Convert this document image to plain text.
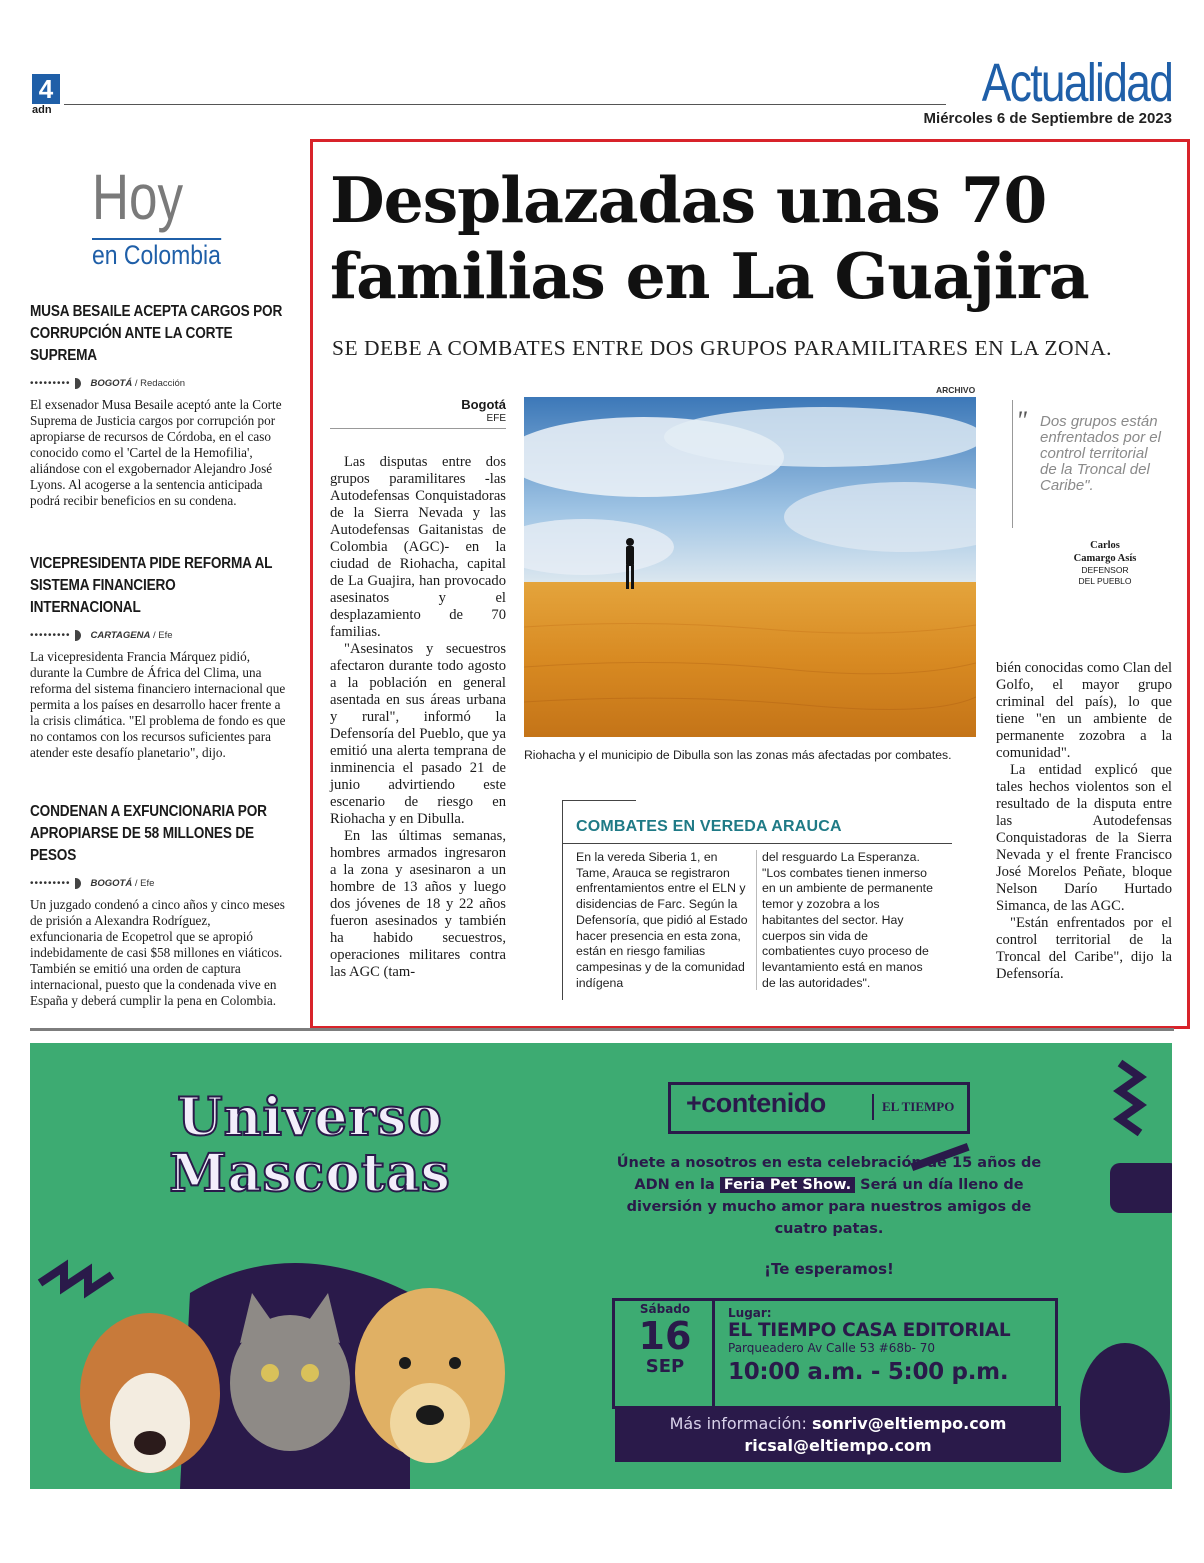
4
adn	Actualidad
Miércoles 6 de Septiembre de 2023
Hoy
en Colombia
MUSA BESAILE ACEPTA CARGOS POR CORRUPCIÓN ANTE LA CORTE SUPREMA
••••••••• BOGOTÁ / Redacción

El exsenador Musa Besaile aceptó ante la Corte Suprema de Justicia cargos por corrupción por apropiarse de recursos de Córdoba, en el caso conocido como el 'Cartel de la Hemofilia', aliándose con el exgobernador Alejandro José Lyons. Al acogerse a la sentencia anticipada podrá recibir beneficios en su condena.

VICEPRESIDENTA PIDE REFORMA AL SISTEMA FINANCIERO INTERNACIONAL
••••••••• CARTAGENA / Efe

La vicepresidenta Francia Márquez pidió, durante la Cumbre de África del Clima, una reforma del sistema financiero internacional que permita a los países en desarrollo hacer frente a la crisis climática. "El problema de fondo es que no contamos con los recursos suficientes para atender este desafío planetario", dijo.

CONDENAN A EXFUNCIONARIA POR APROPIARSE DE 58 MILLONES DE PESOS
••••••••• BOGOTÁ / Efe

Un juzgado condenó a cinco años y cinco meses de prisión a Alexandra Rodríguez, exfuncionaria de Ecopetrol que se apropió indebidamente de casi $58 millones en viáticos. También se emitió una orden de captura internacional, puesto que la condenada vive en España y deberá cumplir la pena en Colombia.

Desplazadas unas 70 familias en La Guajira
SE DEBE A COMBATES ENTRE DOS GRUPOS PARAMILITARES EN LA ZONA.
Bogotá
EFE

Las disputas entre dos grupos paramilitares -las Autodefensas Conquistadoras de la Sierra Nevada y las Autodefensas Gaitanistas de Colombia (AGC)- en la ciudad de Riohacha, capital de La Guajira, han provocado asesinatos y el desplazamiento de 70 familias.

"Asesinatos y secuestros afectaron durante todo agosto a la población en general asentada en sus áreas urbana y rural", informó la Defensoría del Pueblo, que ya emitió una alerta temprana de inminencia el pasado 21 de junio advirtiendo este escenario de riesgo en Riohacha y en Dibulla.

En las últimas semanas, hombres armados ingresaron a la zona y asesinaron a un hombre de 13 años y luego dos jóvenes de 18 y 22 años fueron asesinados y también ha habido secuestros, operaciones militares contra las AGC (tam-

ARCHIVO
Riohacha y el municipio de Dibulla son las zonas más afectadas por combates.
" Dos grupos están enfrentados por el control territorial de la Troncal del Caribe".
Carlos
Camargo Asís
DEFENSOR
DEL PUEBLO
COMBATES EN VEREDA ARAUCA
En la vereda Siberia 1, en Tame, Arauca se registraron enfrentamientos entre el ELN y disidencias de Farc. Según la Defensoría, que pidió al Estado hacer presencia en esta zona, están en riesgo familias campesinas y de la comunidad indígena
del resguardo La Esperanza. "Los combates tienen inmerso en un ambiente de permanente temor y zozobra a los habitantes del sector. Hay cuerpos sin vida de combatientes cuyo proceso de levantamiento está en manos de las autoridades".

bién conocidas como Clan del Golfo, el mayor grupo criminal del país), lo que tiene "en un ambiente de permanente zozobra a la comunidad".

La entidad explicó que tales hechos violentos son el resultado de la disputa entre las Autodefensas Conquistadoras de la Sierra Nevada y el frente Francisco José Morelos Peñate, bloque Nelson Darío Hurtado Simanca, de las AGC.

"Están enfrentados por el control territorial de la Troncal del Caribe", dijo la Defensoría.

Universo
Mascotas
+contenido	EL TIEMPO
Únete a nosotros en esta celebración de 15 años de ADN en la Feria Pet Show. Será un día lleno de diversión y mucho amor para nuestros amigos de cuatro patas.
¡Te esperamos!
Sábado
16
SEP
Lugar:
EL TIEMPO CASA EDITORIAL
Parqueadero Av Calle 53 #68b- 70
10:00 a.m. - 5:00 p.m.
Más información: sonriv@eltiempo.com
ricsal@eltiempo.com
